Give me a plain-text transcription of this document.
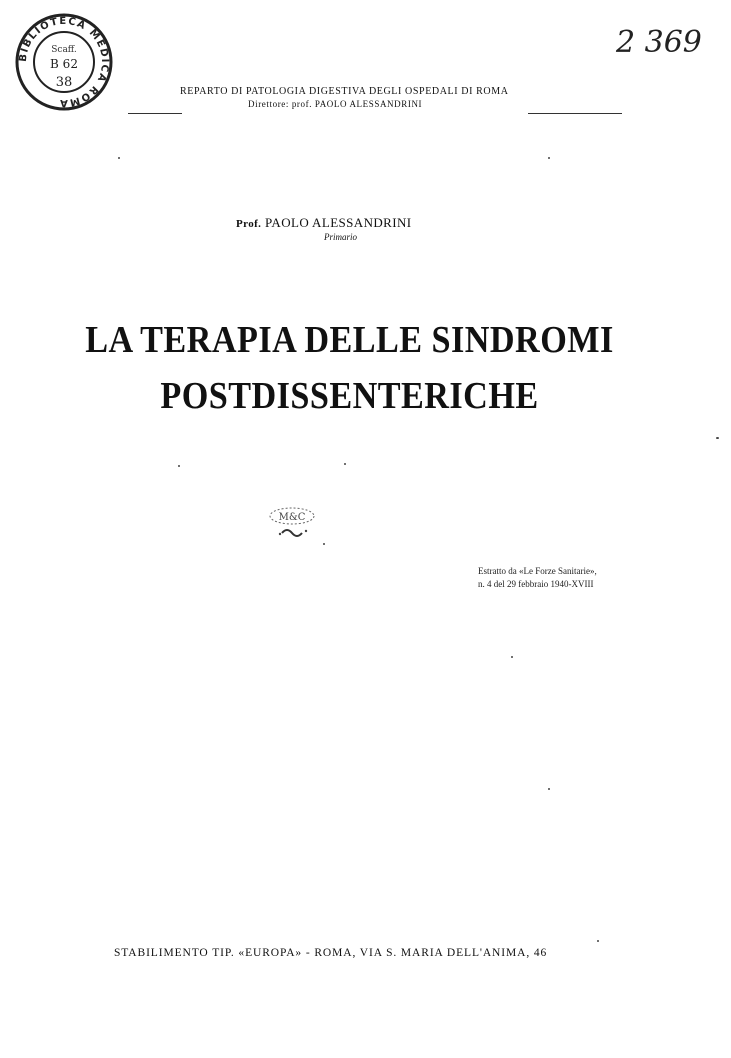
BIBLIOTECA MEDICA ROMA
Scaff.
B 62
38
2 369
REPARTO DI PATOLOGIA DIGESTIVA DEGLI OSPEDALI DI ROMA
Direttore: prof. PAOLO ALESSANDRINI
Prof. PAOLO ALESSANDRINI
Primario
LA TERAPIA DELLE SINDROMI
POSTDISSENTERICHE
M&C
Estratto da «Le Forze Sanitarie»,
n. 4 del 29 febbraio 1940-XVIII
STABILIMENTO TIP. «EUROPA» - ROMA, VIA S. MARIA DELL'ANIMA, 46
